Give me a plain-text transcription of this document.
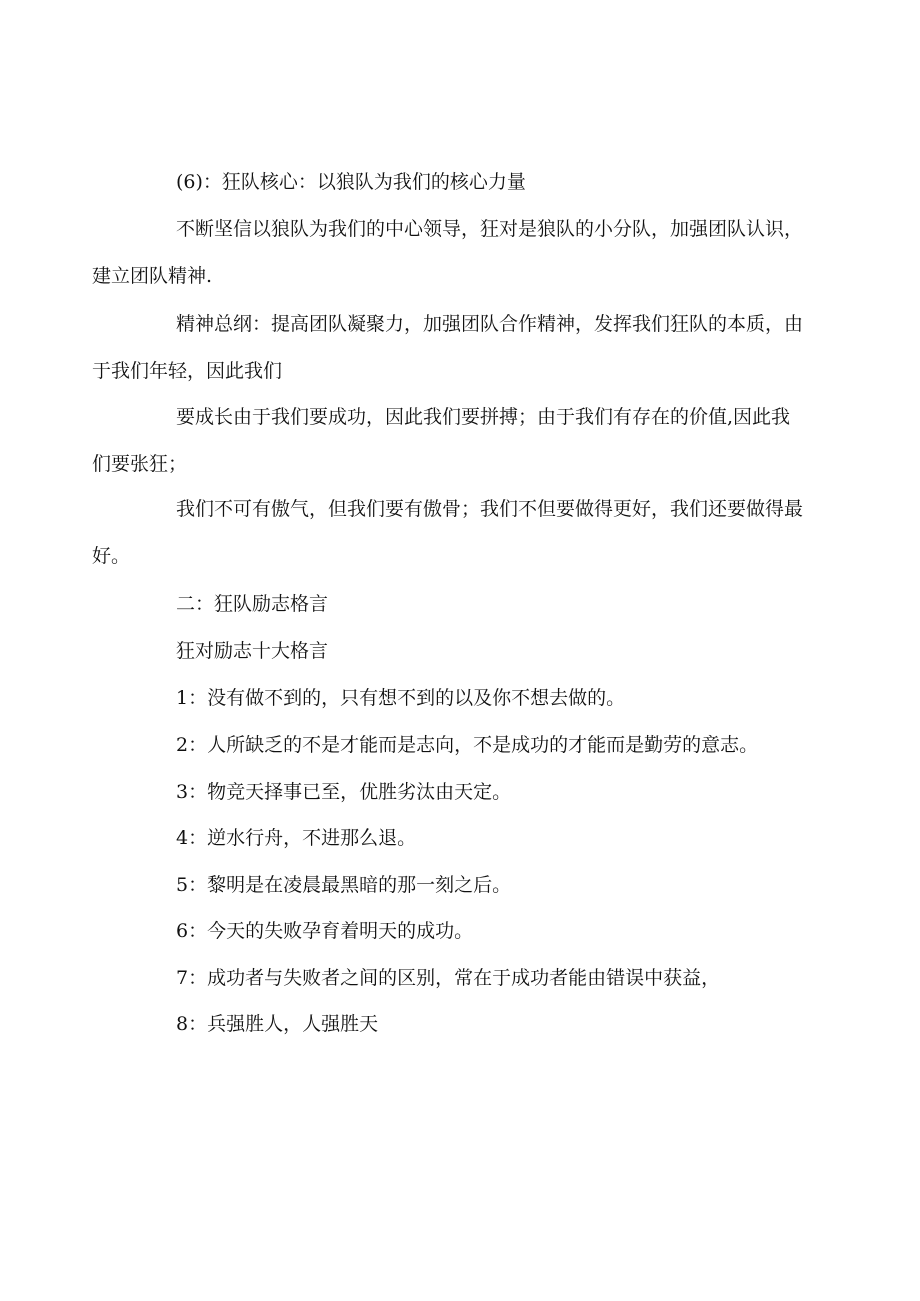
(6)：狂队核心：以狼队为我们的核心力量

不断坚信以狼队为我们的中心领导，狂对是狼队的小分队，加强团队认识，
建立团队精神.

精神总纲：提高团队凝聚力，加强团队合作精神，发挥我们狂队的本质，由
于我们年轻，因此我们

要成长由于我们要成功，因此我们要拼搏；由于我们有存在的价值,因此我
们要张狂；

我们不可有傲气，但我们要有傲骨；我们不但要做得更好，我们还要做得最
好。

二：狂队励志格言

狂对励志十大格言

1：没有做不到的，只有想不到的以及你不想去做的。

2：人所缺乏的不是才能而是志向，不是成功的才能而是勤劳的意志。

3：物竞天择事已至，优胜劣汰由天定。

4：逆水行舟，不进那么退。

5：黎明是在凌晨最黑暗的那一刻之后。

6：今天的失败孕育着明天的成功。

7：成功者与失败者之间的区别，常在于成功者能由错误中获益，

8：兵强胜人，人强胜天
